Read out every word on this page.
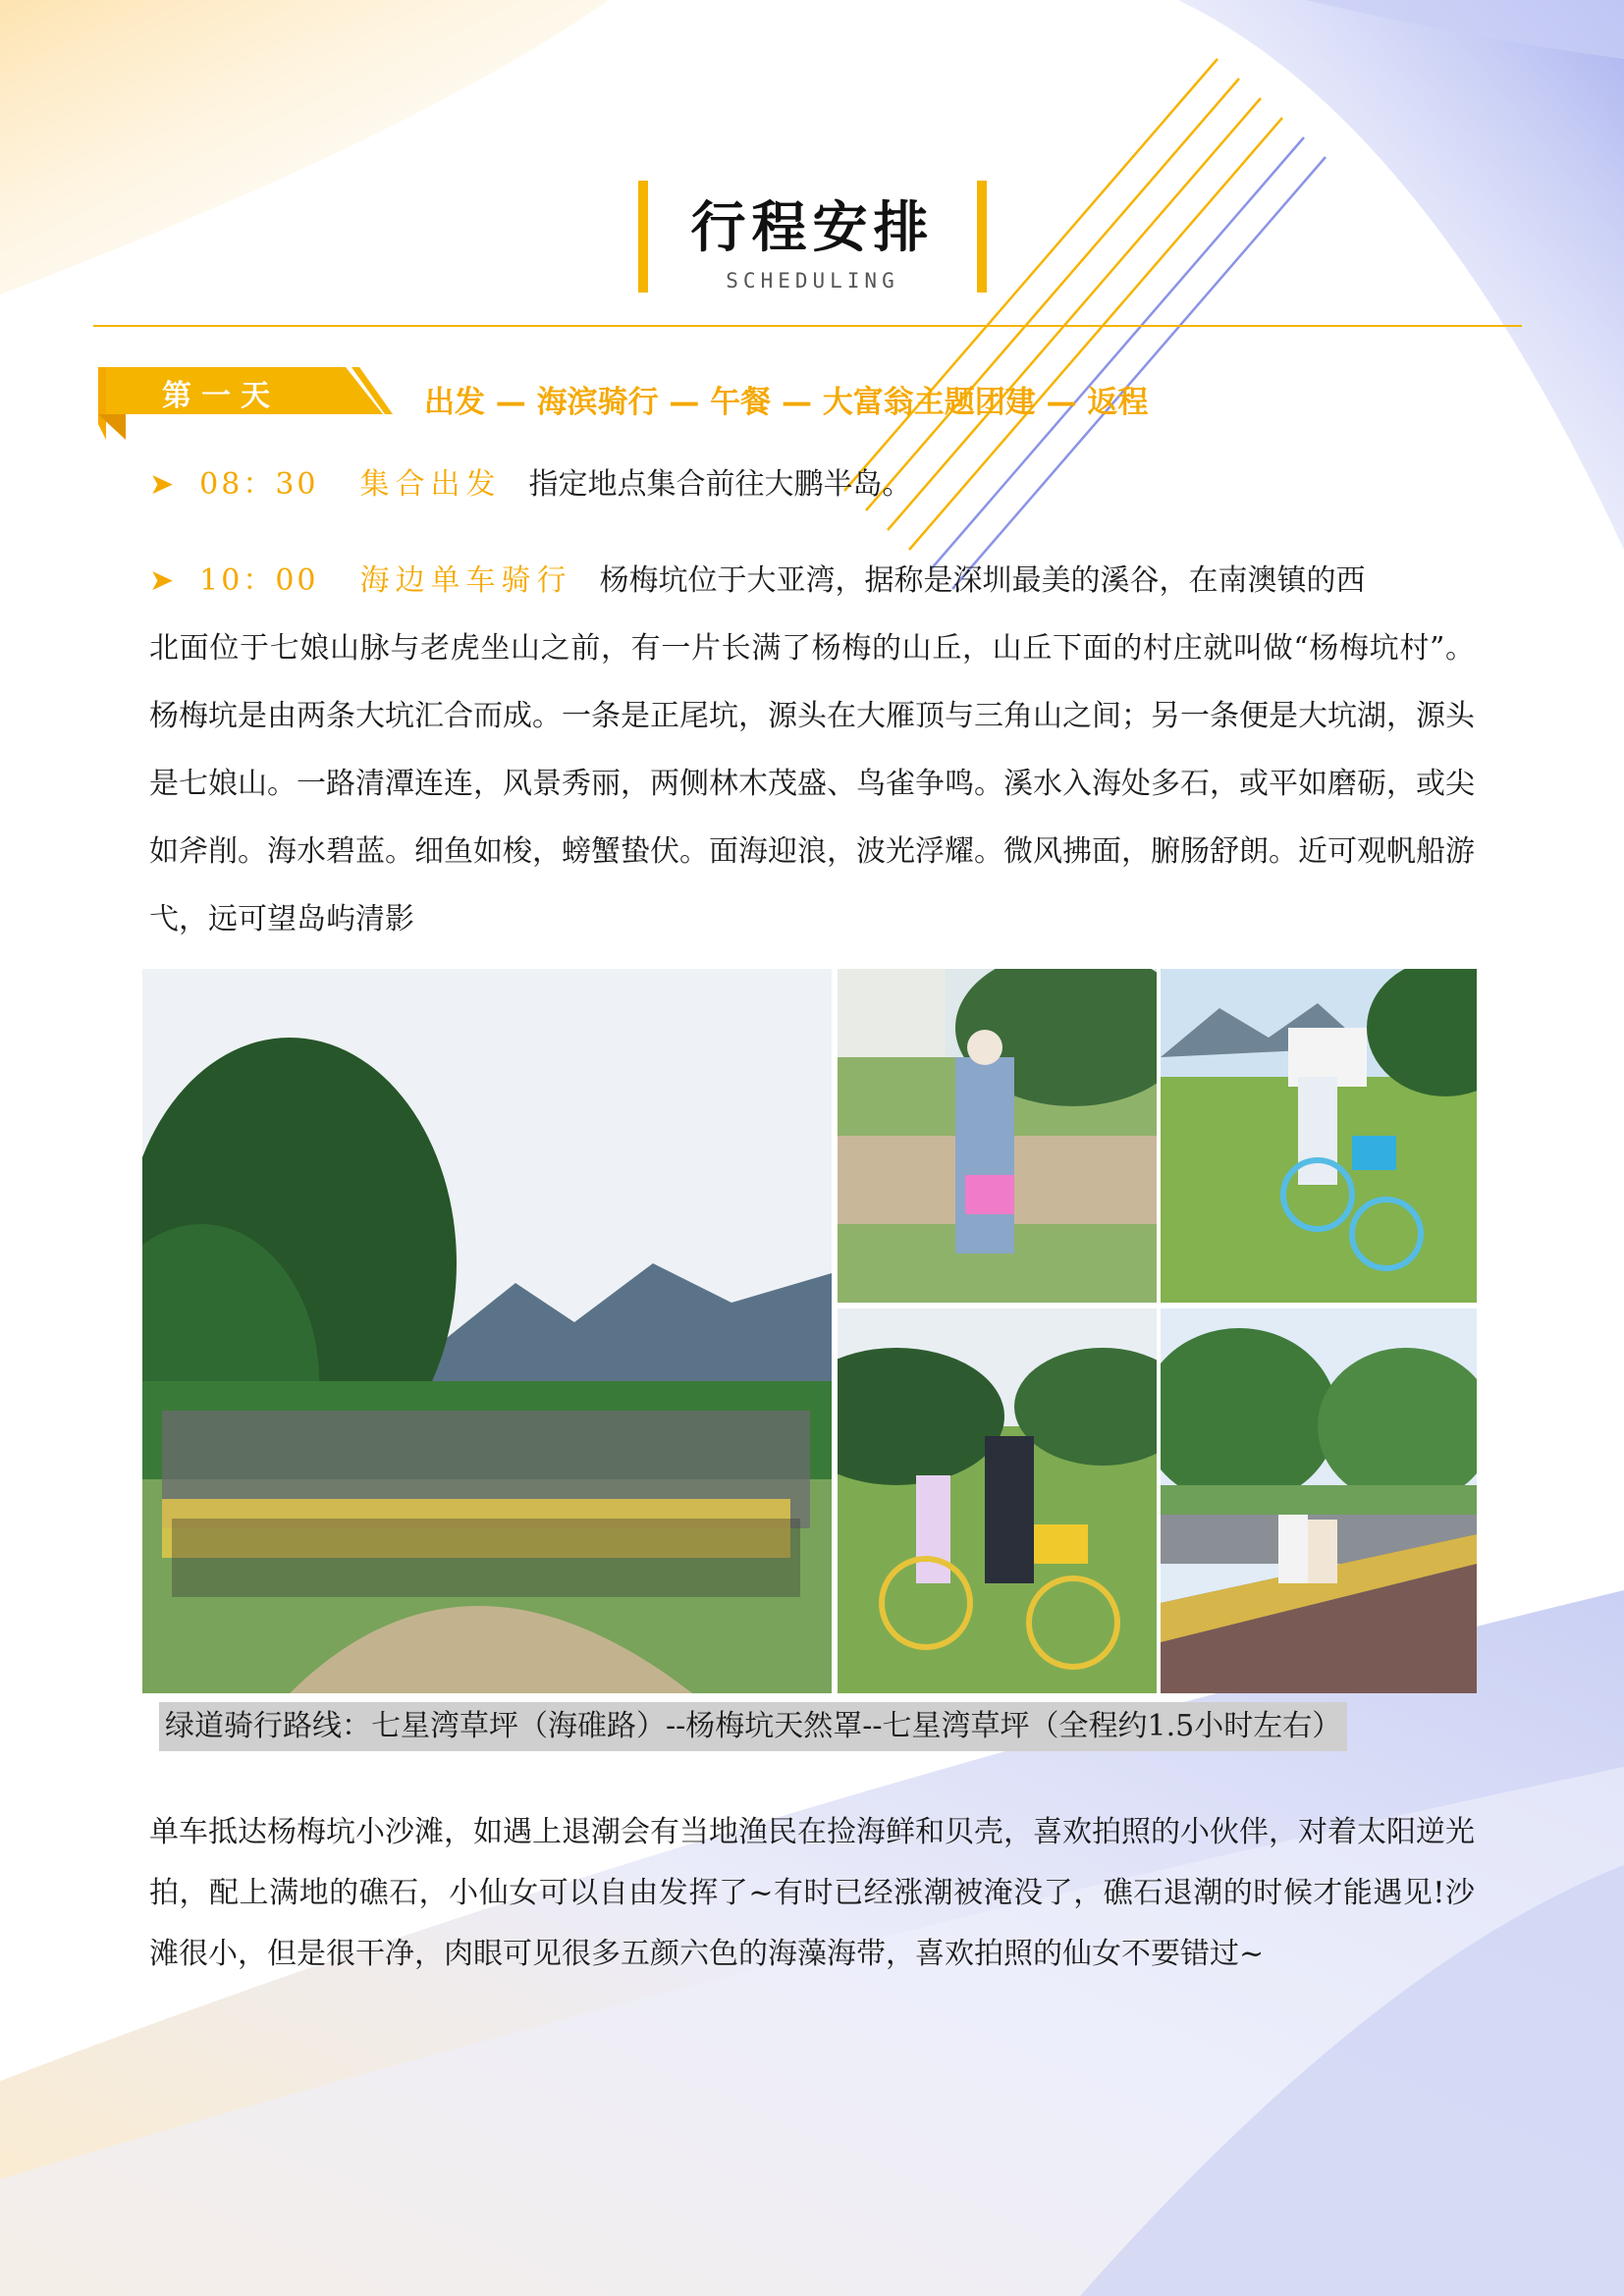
行程安排
SCHEDULING
第一天	出发 — 海滨骑行 — 午餐 — 大富翁主题团建 — 返程
➤ 08：30 集合出发 指定地点集合前往大鹏半岛。
➤ 10：00 海边单车骑行 杨梅坑位于大亚湾，据称是深圳最美的溪谷，在南澳镇的西
北面位于七娘山脉与老虎坐山之前，有一片长满了杨梅的山丘，山丘下面的村庄就叫做“杨梅坑村”。杨梅坑是由两条大坑汇合而成。一条是正尾坑，源头在大雁顶与三角山之间；另一条便是大坑湖，源头是七娘山。一路清潭连连，风景秀丽，两侧林木茂盛、鸟雀争鸣。溪水入海处多石，或平如磨砺，或尖如斧削。海水碧蓝。细鱼如梭，螃蟹蛰伏。面海迎浪，波光浮耀。微风拂面，腑肠舒朗。近可观帆船游弋，远可望岛屿清影
绿道骑行路线：七星湾草坪（海碓路）--杨梅坑天然罩--七星湾草坪（全程约1.5小时左右）
单车抵达杨梅坑小沙滩，如遇上退潮会有当地渔民在捡海鲜和贝壳，喜欢拍照的小伙伴，对着太阳逆光拍，配上满地的礁石，小仙女可以自由发挥了~有时已经涨潮被淹没了，礁石退潮的时候才能遇见!沙滩很小，但是很干净，肉眼可见很多五颜六色的海藻海带，喜欢拍照的仙女不要错过~
